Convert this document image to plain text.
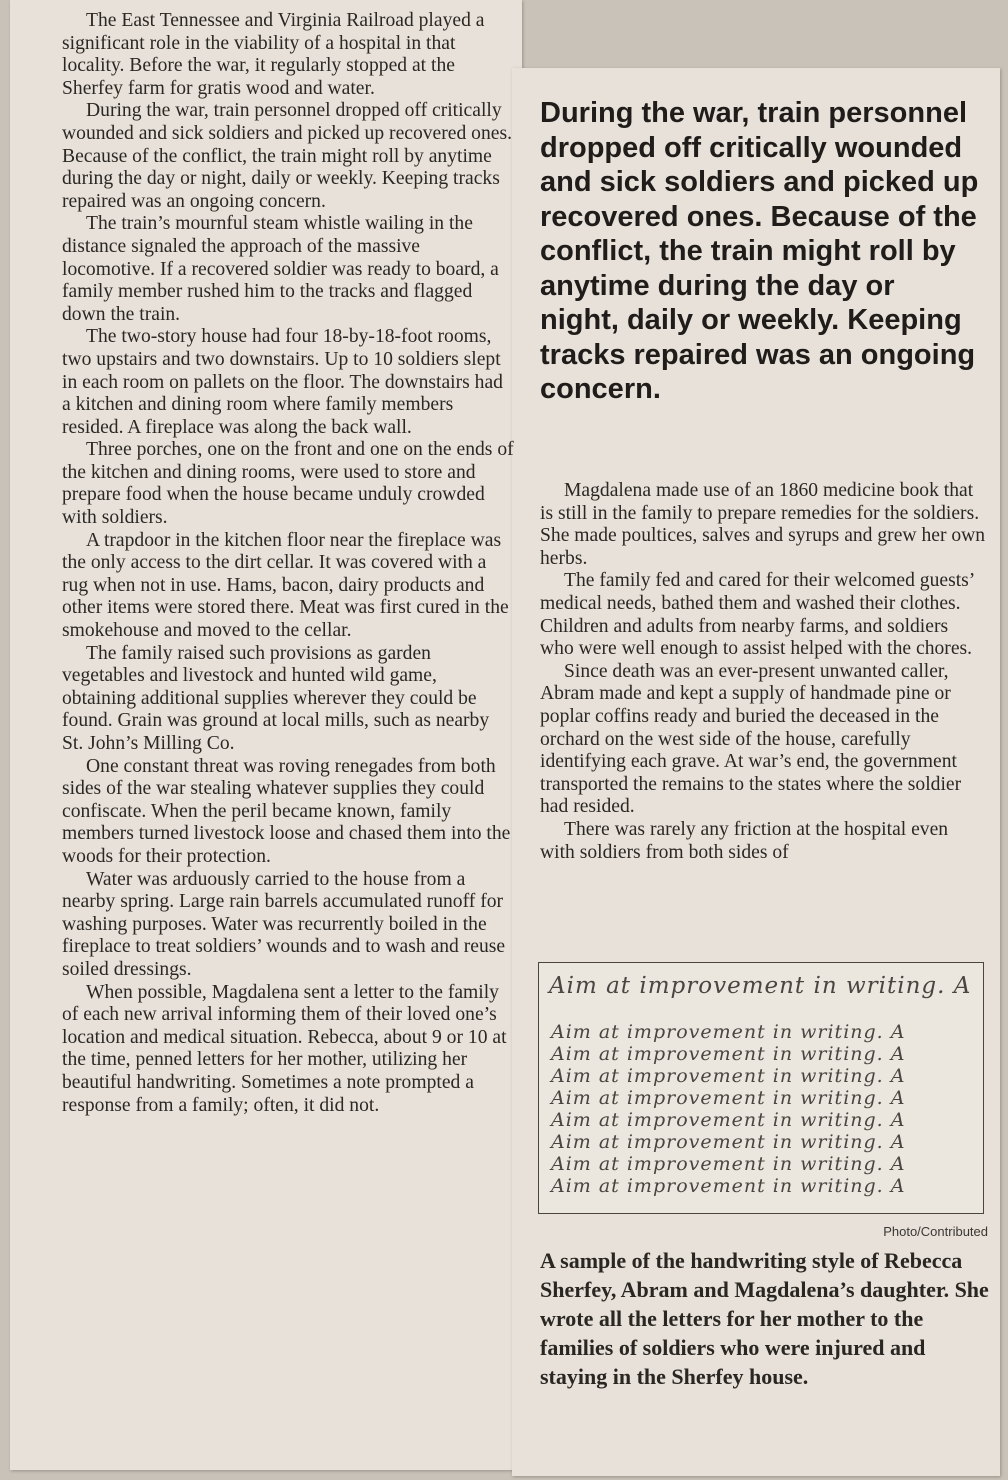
The East Tennessee and Virginia Railroad played a significant role in the viability of a hospital in that locality. Before the war, it regularly stopped at the Sherfey farm for gratis wood and water.

During the war, train personnel dropped off critically wounded and sick soldiers and picked up recovered ones. Because of the conflict, the train might roll by anytime during the day or night, daily or weekly. Keeping tracks repaired was an ongoing concern.

The train’s mournful steam whistle wailing in the distance signaled the approach of the massive locomotive. If a recovered soldier was ready to board, a family member rushed him to the tracks and flagged down the train.

The two-story house had four 18-by-18-foot rooms, two upstairs and two downstairs. Up to 10 soldiers slept in each room on pallets on the floor. The downstairs had a kitchen and dining room where family members resided. A fireplace was along the back wall.

Three porches, one on the front and one on the ends of the kitchen and dining rooms, were used to store and prepare food when the house became unduly crowded with soldiers.

A trapdoor in the kitchen floor near the fireplace was the only access to the dirt cellar. It was covered with a rug when not in use. Hams, bacon, dairy products and other items were stored there. Meat was first cured in the smokehouse and moved to the cellar.

The family raised such provisions as garden vegetables and livestock and hunted wild game, obtaining additional supplies wherever they could be found. Grain was ground at local mills, such as nearby St. John’s Milling Co.

One constant threat was roving renegades from both sides of the war stealing whatever supplies they could confiscate. When the peril became known, family members turned livestock loose and chased them into the woods for their protection.

Water was arduously carried to the house from a nearby spring. Large rain barrels accumulated runoff for washing purposes. Water was recurrently boiled in the fireplace to treat soldiers’ wounds and to wash and reuse soiled dressings.

When possible, Magdalena sent a letter to the family of each new arrival informing them of their loved one’s location and medical situation. Rebecca, about 9 or 10 at the time, penned letters for her mother, utilizing her beautiful handwriting. Sometimes a note prompted a response from a family; often, it did not.

During the war, train personnel dropped off critically wounded and sick soldiers and picked up recovered ones. Because of the conflict, the train might roll by anytime during the day or night, daily or weekly. Keeping tracks repaired was an ongoing concern.

Magdalena made use of an 1860 medicine book that is still in the family to prepare remedies for the soldiers. She made poultices, salves and syrups and grew her own herbs.

The family fed and cared for their welcomed guests’ medical needs, bathed them and washed their clothes. Children and adults from nearby farms, and soldiers who were well enough to assist helped with the chores.

Since death was an ever-present unwanted caller, Abram made and kept a supply of handmade pine or poplar coffins ready and buried the deceased in the orchard on the west side of the house, carefully identifying each grave. At war’s end, the government transported the remains to the states where the soldier had resided.

There was rarely any friction at the hospital even with soldiers from both sides of

Aim at improvement in writing. A
Aim at improvement in writing. A
Aim at improvement in writing. A
Aim at improvement in writing. A
Aim at improvement in writing. A
Aim at improvement in writing. A
Aim at improvement in writing. A
Aim at improvement in writing. A
Aim at improvement in writing. A
Photo/Contributed
A sample of the handwriting style of Rebecca Sherfey, Abram and Magdalena’s daughter. She wrote all the letters for her mother to the families of soldiers who were injured and staying in the Sherfey house.
